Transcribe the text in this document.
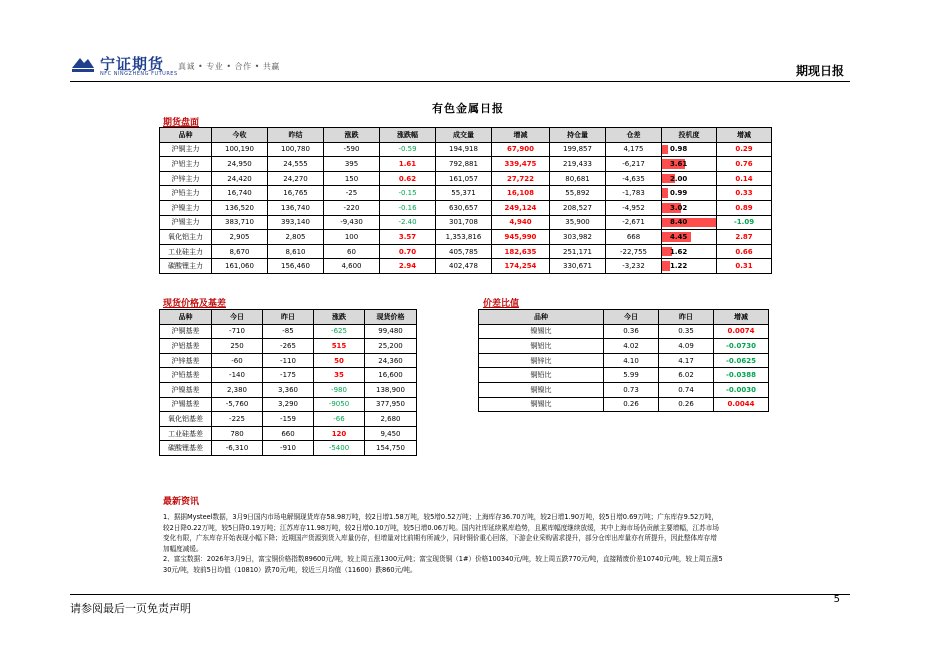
宁证期货
NFC NINGZHENG FUTURES
真诚 • 专业 • 合作 • 共赢	期现日报
有色金属日报
期货盘面
品种	今收	昨结	涨跌	涨跌幅	成交量	增减	持仓量	仓差	投机度	增减
沪铜主力	100,190	100,780	-590	-0.59	194,918	67,900	199,857	4,175	0.98	0.29
沪铝主力	24,950	24,555	395	1.61	792,881	339,475	219,433	-6,217	3.61	0.76
沪锌主力	24,420	24,270	150	0.62	161,057	27,722	80,681	-4,635	2.00	0.14
沪铅主力	16,740	16,765	-25	-0.15	55,371	16,108	55,892	-1,783	0.99	0.33
沪镍主力	136,520	136,740	-220	-0.16	630,657	249,124	208,527	-4,952	3.02	0.89
沪锡主力	383,710	393,140	-9,430	-2.40	301,708	4,940	35,900	-2,671	8.40	-1.09
氧化铝主力	2,905	2,805	100	3.57	1,353,816	945,990	303,982	668	4.45	2.87
工业硅主力	8,670	8,610	60	0.70	405,785	182,635	251,171	-22,755	1.62	0.66
碳酸锂主力	161,060	156,460	4,600	2.94	402,478	174,254	330,671	-3,232	1.22	0.31
现货价格及基差
品种	今日	昨日	涨跌	现货价格
沪铜基差	-710	-85	-625	99,480
沪铝基差	250	-265	515	25,200
沪锌基差	-60	-110	50	24,360
沪铅基差	-140	-175	35	16,600
沪镍基差	2,380	3,360	-980	138,900
沪锡基差	-5,760	3,290	-9050	377,950
氧化铝基差	-225	-159	-66	2,680
工业硅基差	780	660	120	9,450
碳酸锂基差	-6,310	-910	-5400	154,750
价差比值
品种	今日	昨日	增减
镍锡比	0.36	0.35	0.0074
铜铝比	4.02	4.09	-0.0730
铜锌比	4.10	4.17	-0.0625
铜铅比	5.99	6.02	-0.0388
铜镍比	0.73	0.74	-0.0030
铜锡比	0.26	0.26	0.0044
最新资讯

1、据据Mysteel数据，3月9日国内市场电解铜现货库存58.98万吨，较2日增1.58万吨，较5增0.52万吨；上海库存36.70万吨，较2日增1.90万吨，较5日增0.69万吨；广东库存9.52万吨，较2日降0.22万吨，较5日降0.19万吨；江苏库存11.98万吨，较2日增0.10万吨，较5日增0.06万吨。国内社库延续累库趋势，且累库幅度继续放缓，其中上海市场仍贡献主要增幅，江苏市场变化有限，广东库存开始表现小幅下降；近期国产货源到货入库量仍存，但增量对比前期有所减少，同时铜价重心回落，下游企业采购需求提升，部分仓库出库量亦有所提升，因此整体库存增加幅度减缓。

2、富宝数据：2026年3月9日，富宝铜价格指数89600元/吨，较上周五涨1300元/吨；富宝现货铜（1#）价格100340元/吨，较上周五跌770元/吨，直接精废价差10740元/吨，较上周五涨530元/吨，较前5日均值（10810）跌70元/吨，较近三月均值（11600）跌860元/吨。

请参阅最后一页免责声明
5
